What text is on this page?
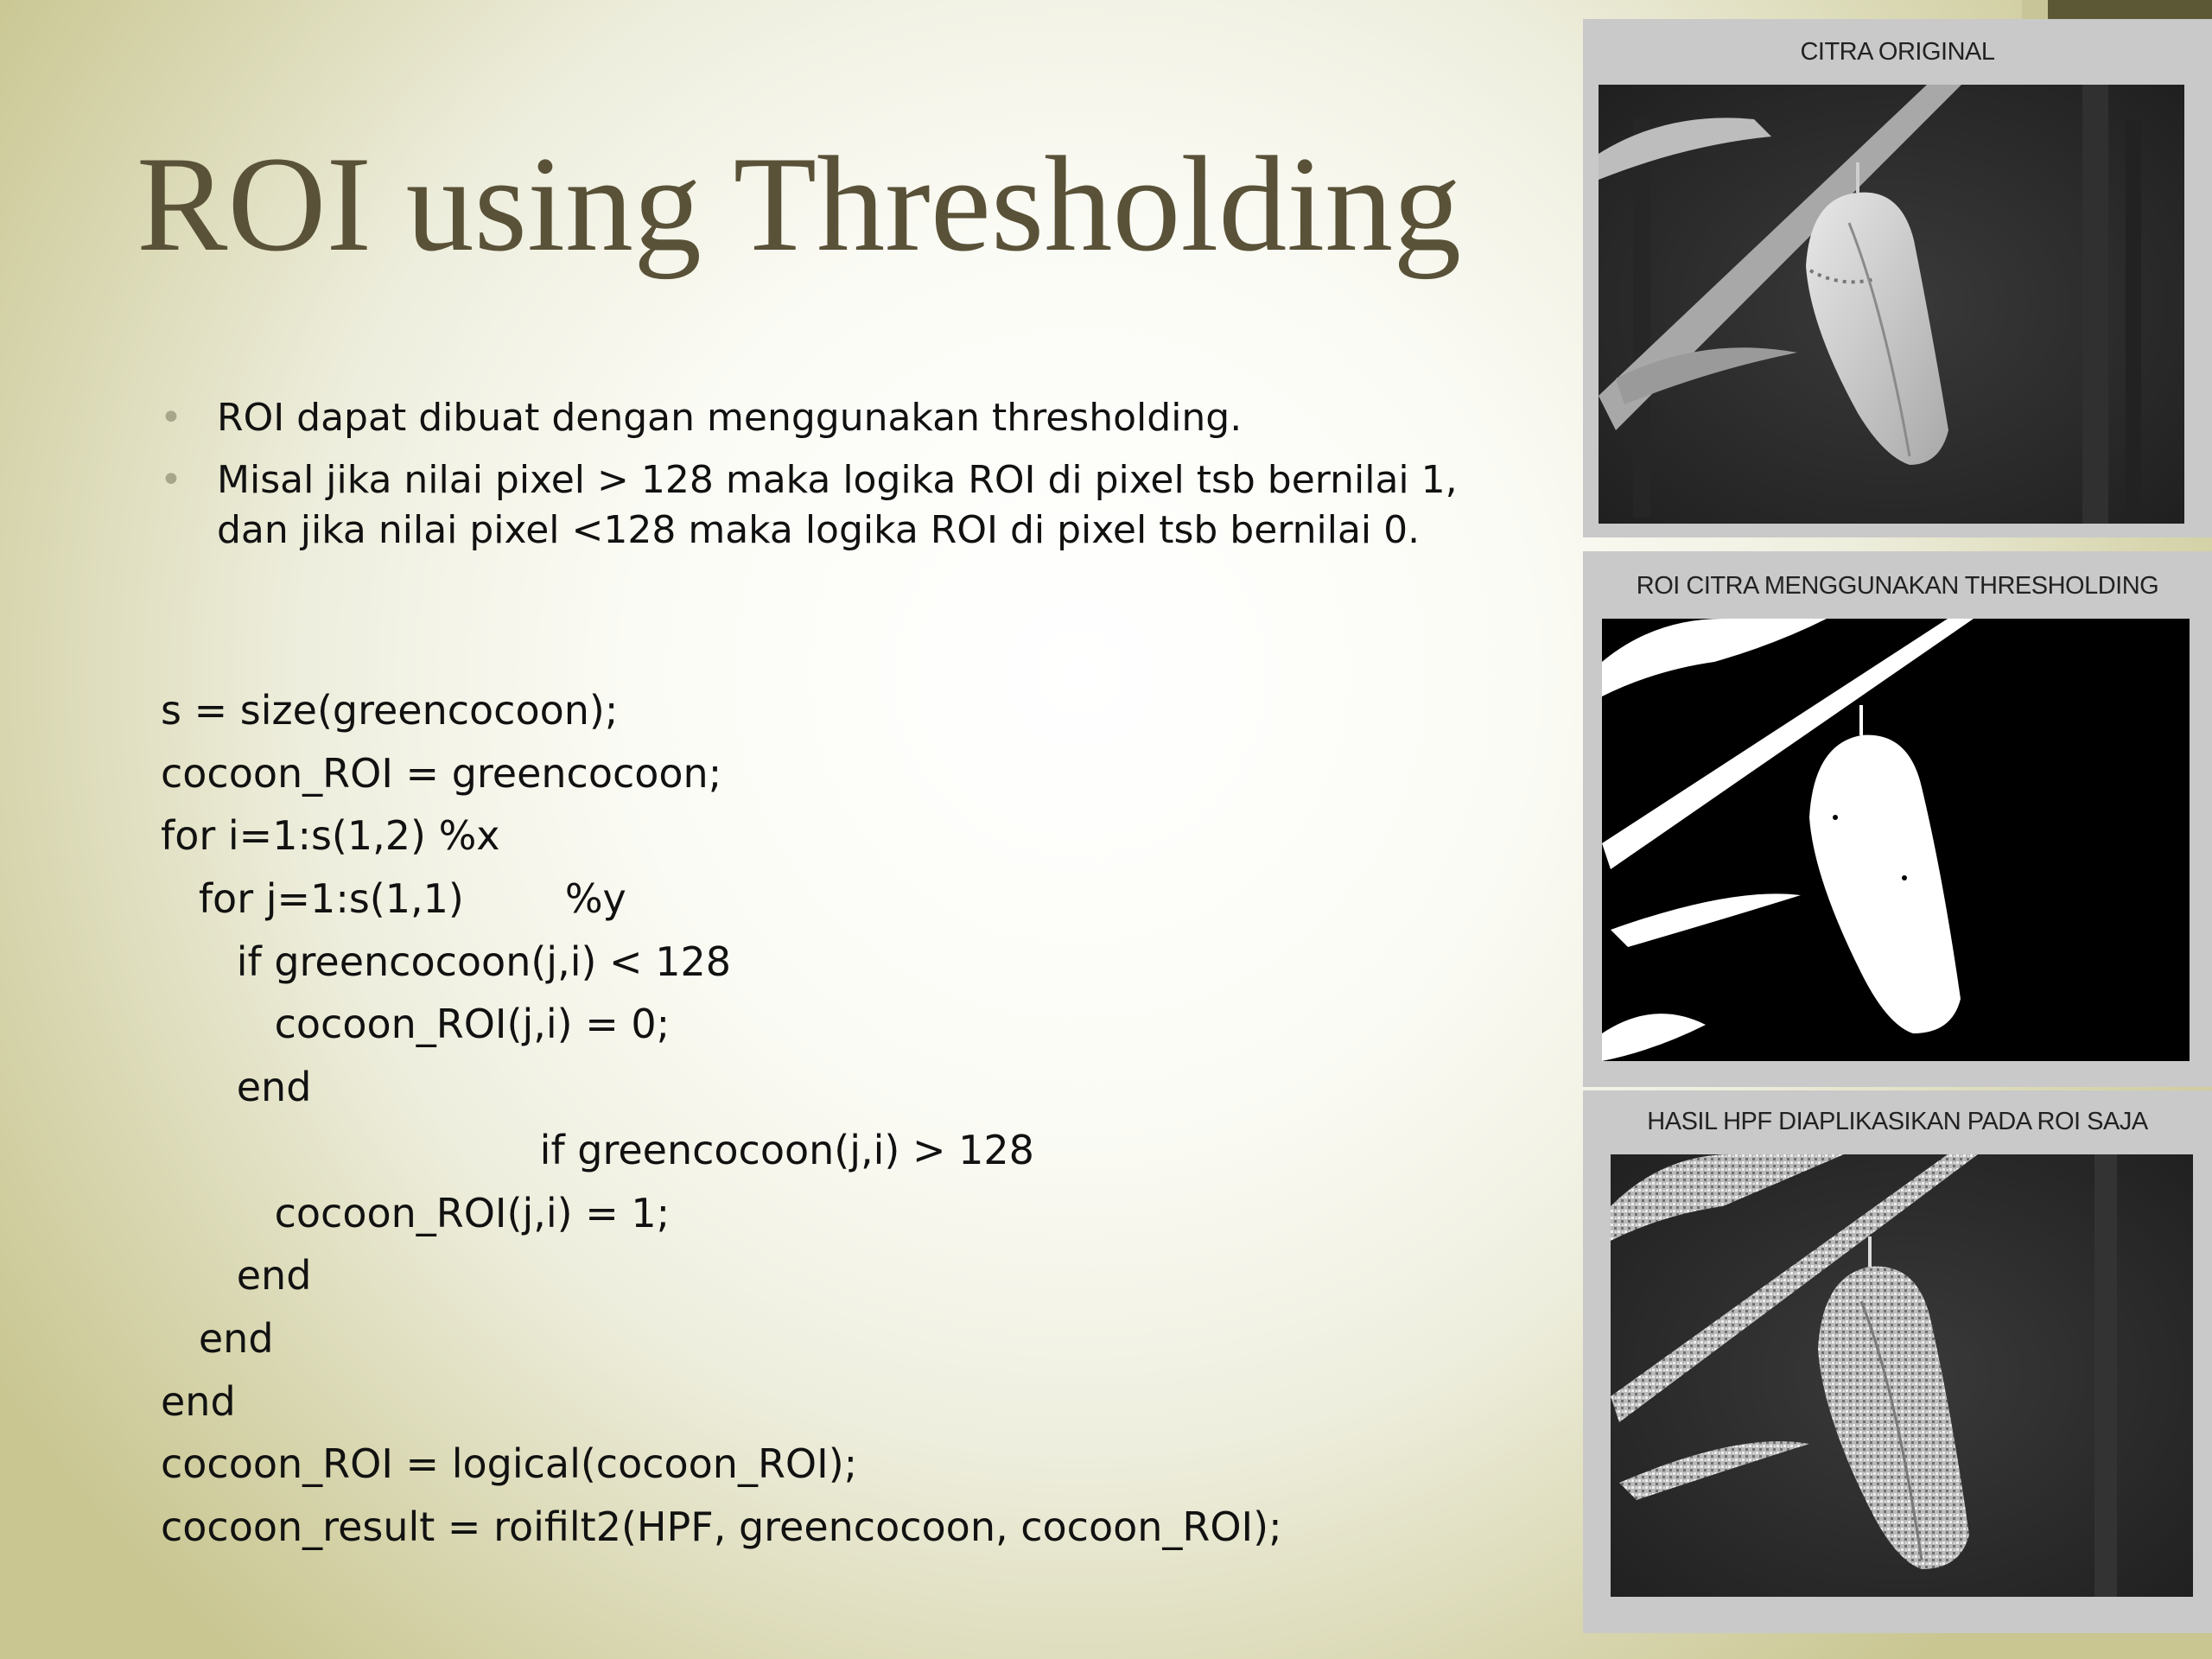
ROI using Thresholding
• ROI dapat dibuat dengan menggunakan thresholding.
• Misal jika nilai pixel > 128 maka logika ROI di pixel tsb bernilai 1, dan jika nilai pixel <128 maka logika ROI di pixel tsb bernilai 0.
s = size(greencocoon);
cocoon_ROI = greencocoon;
for i=1:s(1,2) %x
for j=1:s(1,1)        %y
if greencocoon(j,i) < 128
cocoon_ROI(j,i) = 0;
end
if greencocoon(j,i) > 128
cocoon_ROI(j,i) = 1;
end
end
end
cocoon_ROI = logical(cocoon_ROI);
cocoon_result = roifilt2(HPF, greencocoon, cocoon_ROI);
CITRA ORIGINAL
ROI CITRA MENGGUNAKAN THRESHOLDING
HASIL HPF DIAPLIKASIKAN PADA ROI SAJA
